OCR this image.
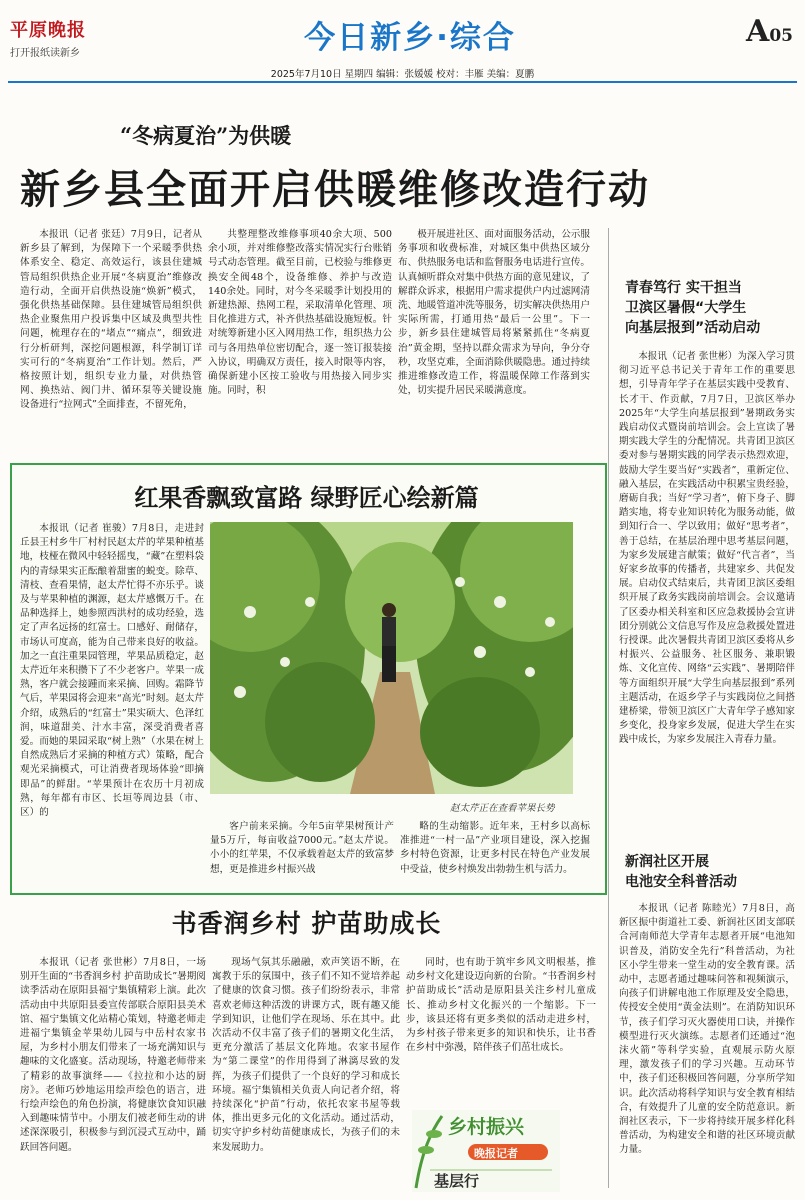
平原晚报
打开报纸读新乡	今日新乡·综合	A05
2025年7月10日 星期四 编辑：张媛媛 校对：丰雁 美编：夏鹏
“冬病夏治”为供暖
新乡县全面开启供暖维修改造行动
本报讯（记者 张廷）7月9日，记者从新乡县了解到，为保障下一个采暖季供热体系安全、稳定、高效运行，该县住建城管局组织供热企业开展“冬病夏治”维修改造行动，全面开启供热设施“焕新”模式，强化供热基础保障。县住建城管局组织供热企业聚焦用户投诉集中区域及典型共性问题，梳理存在的“堵点”“痛点”，细致进行分析研判，深挖问题根源，科学制订详实可行的“冬病夏治”工作计划。然后，严格按照计划，组织专业力量，对供热管网、换热站、阀门井、循环泵等关键设施设备进行“拉网式”全面排查，不留死角，
共整理整改维修事项40余大项、500余小项，并对维修整改落实情况实行台账销号式动态管理。截至目前，已校验与维修更换安全阀48个，设备维修、养护与改造140余处。同时，对今冬采暖季计划投用的新建热源、热网工程，采取清单化管理、项目化推进方式，补齐供热基础设施短板。针对统筹新建小区入网用热工作，组织热力公司与各用热单位密切配合，逐一签订报装接入协议，明确双方责任，接入时限等内容，确保新建小区按工验收与用热接入同步实施。同时，积
极开展进社区、面对面服务活动，公示服务事项和收费标准，对城区集中供热区域分布、供热服务电话和监督服务电话进行宣传。认真倾听群众对集中供热方面的意见建议，了解群众诉求，根据用户需求提供户内过滤网清洗、地暖管道冲洗等服务，切实解决供热用户实际所需，打通用热“最后一公里”。下一步，新乡县住建城管局将紧紧抓住“冬病夏治”黄金期，坚持以群众需求为导向，争分夺秒，攻坚克难，全面消除供暖隐患。通过持续推进维修改造工作，将温暖保障工作落到实处，切实提升居民采暖满意度。
红果香飘致富路 绿野匠心绘新篇
本报讯（记者 崔骏）7月8日，走进封丘县王村乡牛厂村村民赵太芹的苹果种植基地，枝桠在微风中轻轻摇曳，“藏”在塑料袋内的青绿果实正酝酿着甜蜜的蜕变。除草、清枝、查看果情，赵太芹忙得不亦乐乎。谈及与苹果种植的渊源，赵太芹感慨万千。在品种选择上，她参照西洪村的成功经验，选定了声名远扬的红富士。口感好、耐储存，市场认可度高，能为自己带来良好的收益。加之一直注重果园管理，苹果品质稳定，赵太芹近年来积攒下了不少老客户。苹果一成熟，客户就会接踵而来采摘、回购。霜降节气后，苹果园将会迎来“高光”时刻。赵太芹介绍，成熟后的“红富士”果实硕大、色泽红润，味道甜美、汁水丰富，深受消费者喜爱。而她的果园采取“树上熟”（水果在树上自然成熟后才采摘的种植方式）策略，配合观光采摘模式，可让消费者现场体验“即摘即品”的鲜甜。“苹果预计在农历十月初成熟，每年都有市区、长垣等周边县（市、区）的	赵太芹正在查看苹果长势
客户前来采摘。今年5亩苹果树预计产量5万斤，每亩收益7000元。”赵太芹说。小小的红苹果，不仅承载着赵太芹的致富梦想，更是推进乡村振兴战
略的生动缩影。近年来，王村乡以高标准推进“一村一品”产业项目建设，深入挖掘乡村特色资源，让更多村民在特色产业发展中受益，使乡村焕发出勃勃生机与活力。
书香润乡村 护苗助成长
本报讯（记者 张世彬）7月8日，一场别开生面的“书香润乡村 护苗助成长”暑期阅读季活动在原阳县福宁集镇精彩上演。此次活动由中共原阳县委宣传部联合原阳县美术馆、福宁集镇文化站精心策划，特邀老师走进福宁集镇金苹果幼儿园与中岳村农家书屋，为乡村小朋友们带来了一场充满知识与趣味的文化盛宴。活动现场，特邀老师带来了精彩的故事演绎——《拉拉和小达的厨房》。老师巧妙地运用绘声绘色的语言，进行绘声绘色的角色扮演，将健康饮食知识融入到趣味情节中。小朋友们被老师生动的讲述深深吸引，积极参与到沉浸式互动中，踊跃回答问题。
现场气氛其乐融融，欢声笑语不断，在寓教于乐的氛围中，孩子们不知不觉培养起了健康的饮食习惯。孩子们纷纷表示，非常喜欢老师这种活泼的讲课方式，既有趣又能学到知识，让他们学在现场、乐在其中。此次活动不仅丰富了孩子们的暑期文化生活，更充分激活了基层文化阵地。农家书屋作为“第二课堂”的作用得到了淋漓尽致的发挥，为孩子们提供了一个良好的学习和成长环境。福宁集镇相关负责人向记者介绍，将持续深化“护苗”行动，依托农家书屋等载体，推出更多元化的文化活动。通过活动，切实守护乡村幼苗健康成长，为孩子们的未来发展助力。
同时，也有助于筑牢乡风文明根基，推动乡村文化建设迈向新的台阶。“书香润乡村 护苗助成长”活动是原阳县关注乡村儿童成长、推动乡村文化振兴的一个缩影。下一步，该县还将有更多类似的活动走进乡村，为乡村孩子带来更多的知识和快乐，让书香在乡村中弥漫，陪伴孩子们茁壮成长。
乡村振兴
晚报记者
基层行
青春笃行 实干担当
卫滨区暑假“大学生
向基层报到”活动启动
本报讯（记者 张世彬）为深入学习贯彻习近平总书记关于青年工作的重要思想，引导青年学子在基层实践中受教育、长才干、作贡献，7月7日，卫滨区举办2025年“大学生向基层报到”暑期政务实践启动仪式暨岗前培训会。会上宣读了暑期实践大学生的分配情况。共青团卫滨区委对参与暑期实践的同学表示热烈欢迎，鼓励大学生要当好“实践者”，重新定位、融入基层，在实践活动中积累宝贵经验，磨砺自我；当好“学习者”，俯下身子、脚踏实地，将专业知识转化为服务动能，做到知行合一、学以致用；做好“思考者”，善于总结，在基层治理中思考基层问题，为家乡发展建言献策；做好“代言者”，当好家乡故事的传播者，共建家乡、共促发展。启动仪式结束后，共青团卫滨区委组织开展了政务实践岗前培训会。会议邀请了区委办相关科室和区应急救援协会宣讲团分别就公文信息写作及应急救援处置进行授课。此次暑假共青团卫滨区委将从乡村振兴、公益服务、社区服务、兼职锻炼、文化宣传、网络“云实践”、暑期陪伴等方面组织开展“大学生向基层报到”系列主题活动，在返乡学子与实践岗位之间搭建桥梁，带领卫滨区广大青年学子感知家乡变化，投身家乡发展，促进大学生在实践中成长，为家乡发展注入青春力量。
新润社区开展
电池安全科普活动
本报讯（记者 陈睦光）7月8日，高新区振中街道社工委、新润社区团支部联合河南师范大学青年志愿者开展“电池知识普及，消防安全先行”科普活动，为社区小学生带来一堂生动的安全教育课。活动中，志愿者通过趣味问答和视频演示，向孩子们讲解电池工作原理及安全隐患，传授安全使用“黄金法则”。在消防知识环节，孩子们学习灭火器使用口诀，并操作模型进行灭火演练。志愿者们还通过“泡沫火箭”等科学实验，直观展示防火原理，激发孩子们的学习兴趣。互动环节中，孩子们还积极回答问题，分享所学知识。此次活动将科学知识与安全教育相结合，有效提升了儿童的安全防范意识。新润社区表示，下一步将持续开展多样化科普活动，为构建安全和谐的社区环境贡献力量。
